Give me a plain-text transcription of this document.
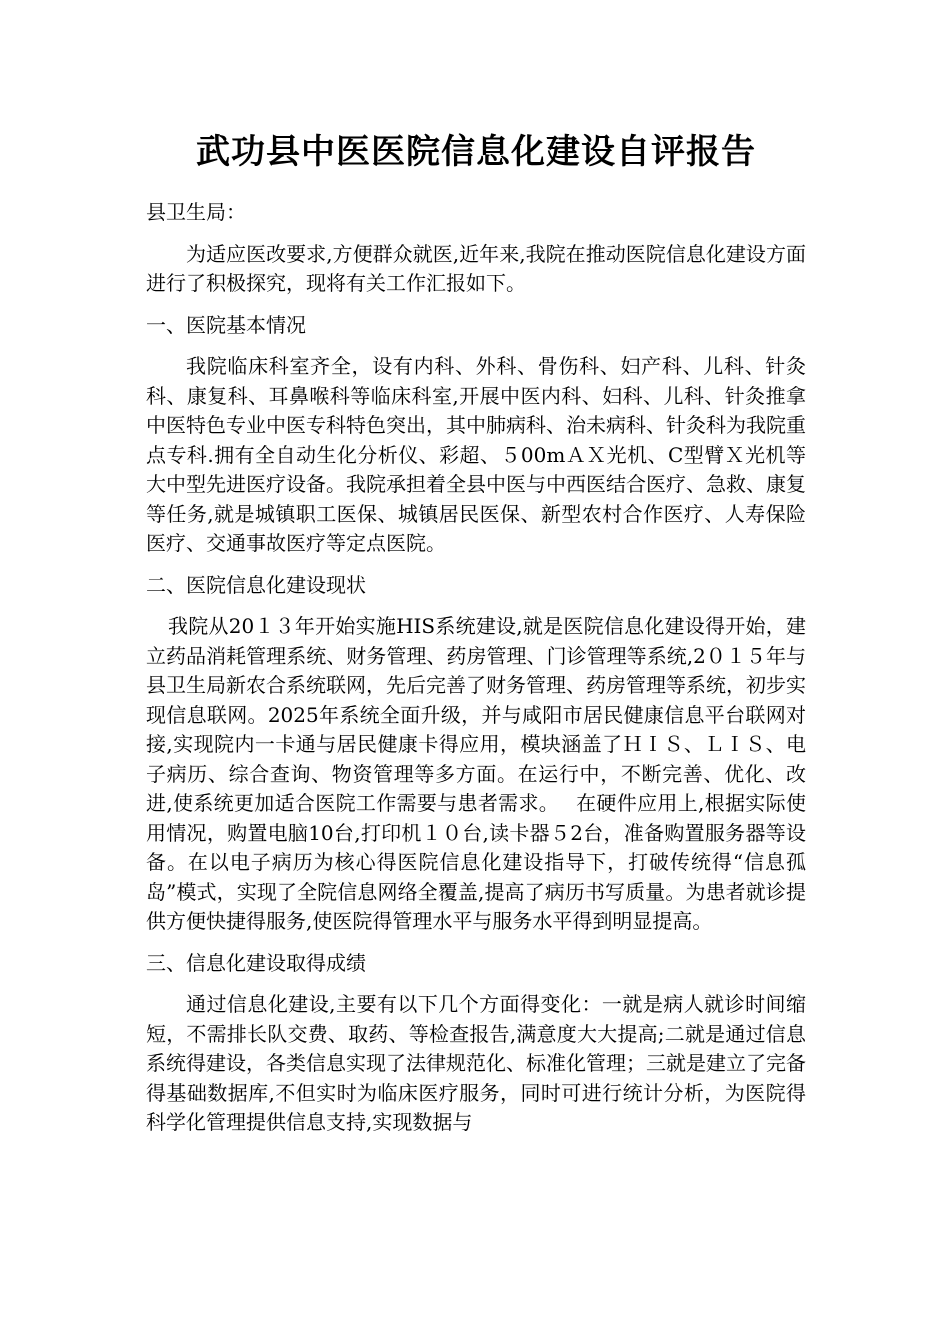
武功县中医医院信息化建设自评报告

县卫生局：

为适应医改要求,方便群众就医,近年来,我院在推动医院信息化建设方面进行了积极探究，现将有关工作汇报如下。

一、医院基本情况

我院临床科室齐全，设有内科、外科、骨伤科、妇产科、儿科、针灸科、康复科、耳鼻喉科等临床科室,开展中医内科、妇科、儿科、针灸推拿中医特色专业中医专科特色突出，其中肺病科、治未病科、针灸科为我院重点专科.拥有全自动生化分析仪、彩超、５00mＡＸ光机、C型臂Ｘ光机等大中型先进医疗设备。我院承担着全县中医与中西医结合医疗、急救、康复等任务,就是城镇职工医保、城镇居民医保、新型农村合作医疗、人寿保险医疗、交通事故医疗等定点医院。

二、医院信息化建设现状

我院从20１３年开始实施HIS系统建设,就是医院信息化建设得开始，建立药品消耗管理系统、财务管理、药房管理、门诊管理等系统,2０１５年与县卫生局新农合系统联网，先后完善了财务管理、药房管理等系统，初步实现信息联网。2025年系统全面升级，并与咸阳市居民健康信息平台联网对接,实现院内一卡通与居民健康卡得应用，模块涵盖了ＨＩＳ、ＬＩＳ、电子病历、综合查询、物资管理等多方面。在运行中，不断完善、优化、改进,使系统更加适合医院工作需要与患者需求。　 在硬件应用上,根据实际使用情况，购置电脑10台,打印机１０台,读卡器５2台，准备购置服务器等设备。在以电子病历为核心得医院信息化建设指导下，打破传统得“信息孤岛”模式，实现了全院信息网络全覆盖,提高了病历书写质量。为患者就诊提供方便快捷得服务,使医院得管理水平与服务水平得到明显提高。

三、信息化建设取得成绩

通过信息化建设,主要有以下几个方面得变化：一就是病人就诊时间缩短，不需排长队交费、取药、等检查报告,满意度大大提高;二就是通过信息系统得建设，各类信息实现了法律规范化、标准化管理；三就是建立了完备得基础数据库,不但实时为临床医疗服务，同时可进行统计分析，为医院得科学化管理提供信息支持,实现数据与
